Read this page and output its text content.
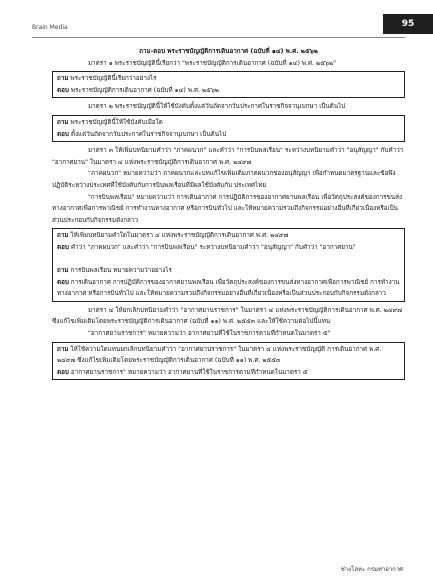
Brain Media	95

ถาม-ตอบ พระราชบัญญัติการเดินอากาศ (ฉบับที่ ๑๔) พ.ศ. ๒๕๖๒

มาตรา ๑ พระราชบัญญัตินี้เรียกว่า "พระราชบัญญัติการเดินอากาศ (ฉบับที่ ๑๔) พ.ศ. ๒๕๖๒"

ถาม พระราชบัญญัตินี้เรียกว่าอย่างไร

ตอบ พระราชบัญญัติการเดินอากาศ (ฉบับที่ ๑๔) พ.ศ. ๒๕๖๒

มาตรา ๒ พระราชบัญญัตินี้ให้ใช้บังคับตั้งแต่วันถัดจากวันประกาศในราชกิจจานุเบกษา เป็นต้นไป

ถาม พระราชบัญญัตินี้ให้ใช้บังคับเมื่อใด

ตอบ ตั้งแต่วันถัดจากวันประกาศในราชกิจจานุเบกษา เป็นต้นไป

มาตรา ๓ ให้เพิ่มบทนิยามคำว่า "ภาคผนวก" และคำว่า "การบินพลเรือน" ระหว่างบทนิยามคำว่า "อนุสัญญา" กับคำว่า "อากาศยาน" ในมาตรา ๔ แห่งพระราชบัญญัติการเดินอากาศ พ.ศ. ๒๔๙๗

"ภาคผนวก" หมายความว่า ภาคผนวกและบทแก้ไขเพิ่มเติมภาคผนวกของอนุสัญญา เพื่อกำหนดมาตรฐานและข้อพึงปฏิบัติระหว่างประเทศที่ใช้บังคับกับการบินพลเรือนที่มีผลใช้บังคับกับ ประเทศไทย

"การบินพลเรือน" หมายความว่า การเดินอากาศ การปฏิบัติการของอากาศยานพลเรือน เพื่อวัตถุประสงค์ของการขนส่งทางอากาศเพื่อการพาณิชย์ การทำงานทางอากาศ หรือการบินทั่วไป และให้หมายความรวมถึงกิจกรรมอย่างอื่นที่เกี่ยวเนื่องหรือเป็นส่วนประกอบกับกิจกรรมดังกล่าว

ถาม ให้เพิ่มบทนิยามคำใดในมาตรา ๔ แห่งพระราชบัญญัติการเดินอากาศ พ.ศ. ๒๔๙๗

ตอบ คำว่า "ภาคผนวก" และคำว่า "การบินพลเรือน" ระหว่างบทนิยามคำว่า "อนุสัญญา" กับคำว่า "อากาศยาน"

ถาม การบินพลเรือน หมายความว่าอย่างไร

ตอบ การเดินอากาศ การปฏิบัติการของอากาศยานพลเรือน เพื่อวัตถุประสงค์ของการขนส่งทางอากาศเพื่อการพาณิชย์ การทำงานทางอากาศ หรือการบินทั่วไป และให้หมายความรวมถึงกิจกรรมอย่างอื่นที่เกี่ยวเนื่องหรือเป็นส่วนประกอบกับกิจกรรมดังกล่าว

มาตรา ๔ ให้ยกเลิกบทนิยามคำว่า "อากาศยานราชการ" ในมาตรา ๔ แห่งพระราชบัญญัติการเดินอากาศ พ.ศ. ๒๔๙๗ ซึ่งแก้ไขเพิ่มเติมโดยพระราชบัญญัติการเดินอากาศ (ฉบับที่ ๑๑) พ.ศ. ๒๕๕๓ และให้ใช้ความต่อไปนี้แทน

"อากาศยานราชการ" หมายความว่า อากาศยานที่ใช้ในราชการตามที่กำหนดในมาตรา ๕"

ถาม ให้ใช้ความใดแทนยกเลิกบทนิยามคำว่า "อากาศยานราชการ" ในมาตรา ๔ แห่งพระราชบัญญัติ การเดินอากาศ พ.ศ. ๒๔๙๗ ซึ่งแก้ไขเพิ่มเติมโดยพระราชบัญญัติการเดินอากาศ (ฉบับที่ ๑๑) พ.ศ. ๒๕๕๓

ตอบ อากาศยานราชการ" หมายความว่า อากาศยานที่ใช้ในราชการตามที่กำหนดในมาตรา ๕

ช่างโลหะ กรมท่าอากาศ
